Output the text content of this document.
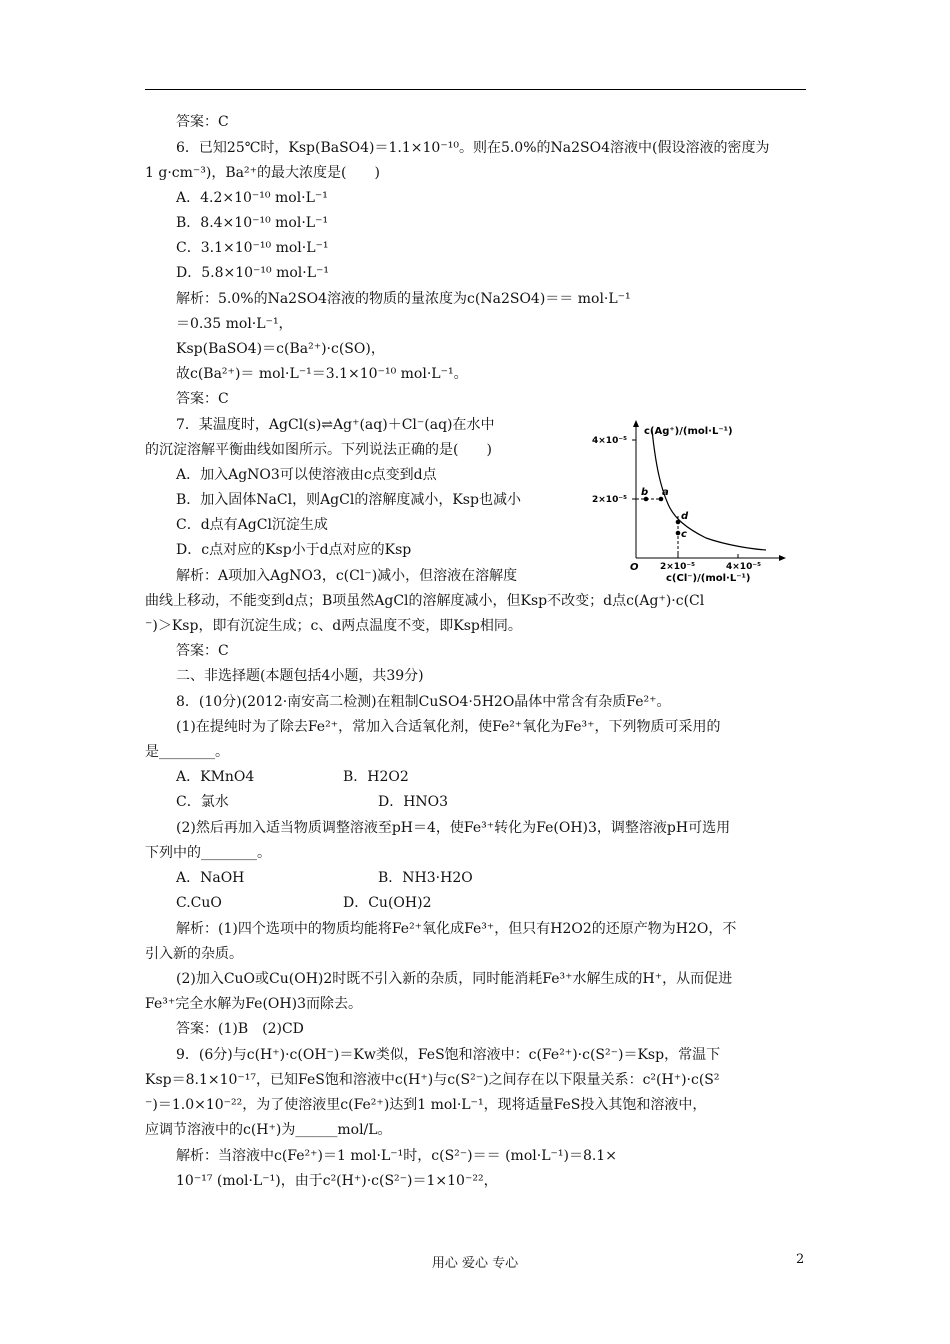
答案：C
6．已知25℃时，Ksp(BaSO4)＝1.1×10⁻¹⁰。则在5.0%的Na2SO4溶液中(假设溶液的密度为
1 g·cm⁻³)，Ba²⁺的最大浓度是(　　)
A．4.2×10⁻¹⁰ mol·L⁻¹
B．8.4×10⁻¹⁰ mol·L⁻¹
C．3.1×10⁻¹⁰ mol·L⁻¹
D．5.8×10⁻¹⁰ mol·L⁻¹
解析：5.0%的Na2SO4溶液的物质的量浓度为c(Na2SO4)＝＝ mol·L⁻¹
＝0.35 mol·L⁻¹，
Ksp(BaSO4)＝c(Ba²⁺)·c(SO)，
故c(Ba²⁺)＝ mol·L⁻¹＝3.1×10⁻¹⁰ mol·L⁻¹。
答案：C
7．某温度时，AgCl(s)⇌Ag⁺(aq)＋Cl⁻(aq)在水中
的沉淀溶解平衡曲线如图所示。下列说法正确的是(　　)
A．加入AgNO3可以使溶液由c点变到d点
B．加入固体NaCl，则AgCl的溶解度减小，Ksp也减小
C．d点有AgCl沉淀生成
D．c点对应的Ksp小于d点对应的Ksp
解析：A项加入AgNO3，c(Cl⁻)减小，但溶液在溶解度
曲线上移动，不能变到d点；B项虽然AgCl的溶解度减小，但Ksp不改变；d点c(Ag⁺)·c(Cl
⁻)＞Ksp，即有沉淀生成；c、d两点温度不变，即Ksp相同。
答案：C
二、非选择题(本题包括4小题，共39分)
8．(10分)(2012·南安高二检测)在粗制CuSO4·5H2O晶体中常含有杂质Fe²⁺。
(1)在提纯时为了除去Fe²⁺，常加入合适氧化剂，使Fe²⁺氧化为Fe³⁺，下列物质可采用的
是________。
A．KMnO4	B．H2O2
C．氯水	D．HNO3
(2)然后再加入适当物质调整溶液至pH＝4，使Fe³⁺转化为Fe(OH)3，调整溶液pH可选用
下列中的________。
A．NaOH	B．NH3·H2O
C.CuO	D．Cu(OH)2
解析：(1)四个选项中的物质均能将Fe²⁺氧化成Fe³⁺，但只有H2O2的还原产物为H2O，不
引入新的杂质。
(2)加入CuO或Cu(OH)2时既不引入新的杂质，同时能消耗Fe³⁺水解生成的H⁺，从而促进
Fe³⁺完全水解为Fe(OH)3而除去。
答案：(1)B　(2)CD
9．(6分)与c(H⁺)·c(OH⁻)＝Kw类似，FeS饱和溶液中：c(Fe²⁺)·c(S²⁻)＝Ksp，常温下
Ksp＝8.1×10⁻¹⁷，已知FeS饱和溶液中c(H⁺)与c(S²⁻)之间存在以下限量关系：c²(H⁺)·c(S²
⁻)＝1.0×10⁻²²，为了使溶液里c(Fe²⁺)达到1 mol·L⁻¹，现将适量FeS投入其饱和溶液中，
应调节溶液中的c(H⁺)为______mol/L。
解析：当溶液中c(Fe²⁺)＝1 mol·L⁻¹时，c(S²⁻)＝＝ (mol·L⁻¹)＝8.1×
10⁻¹⁷ (mol·L⁻¹)，由于c²(H⁺)·c(S²⁻)＝1×10⁻²²，
c(Ag⁺)/(mol·L⁻¹)
4×10⁻⁵
2×10⁻⁵
O 2×10⁻⁵	4×10⁻⁵
c(Cl⁻)/(mol·L⁻¹)
b a
d
c
用心 爱心 专心	2
